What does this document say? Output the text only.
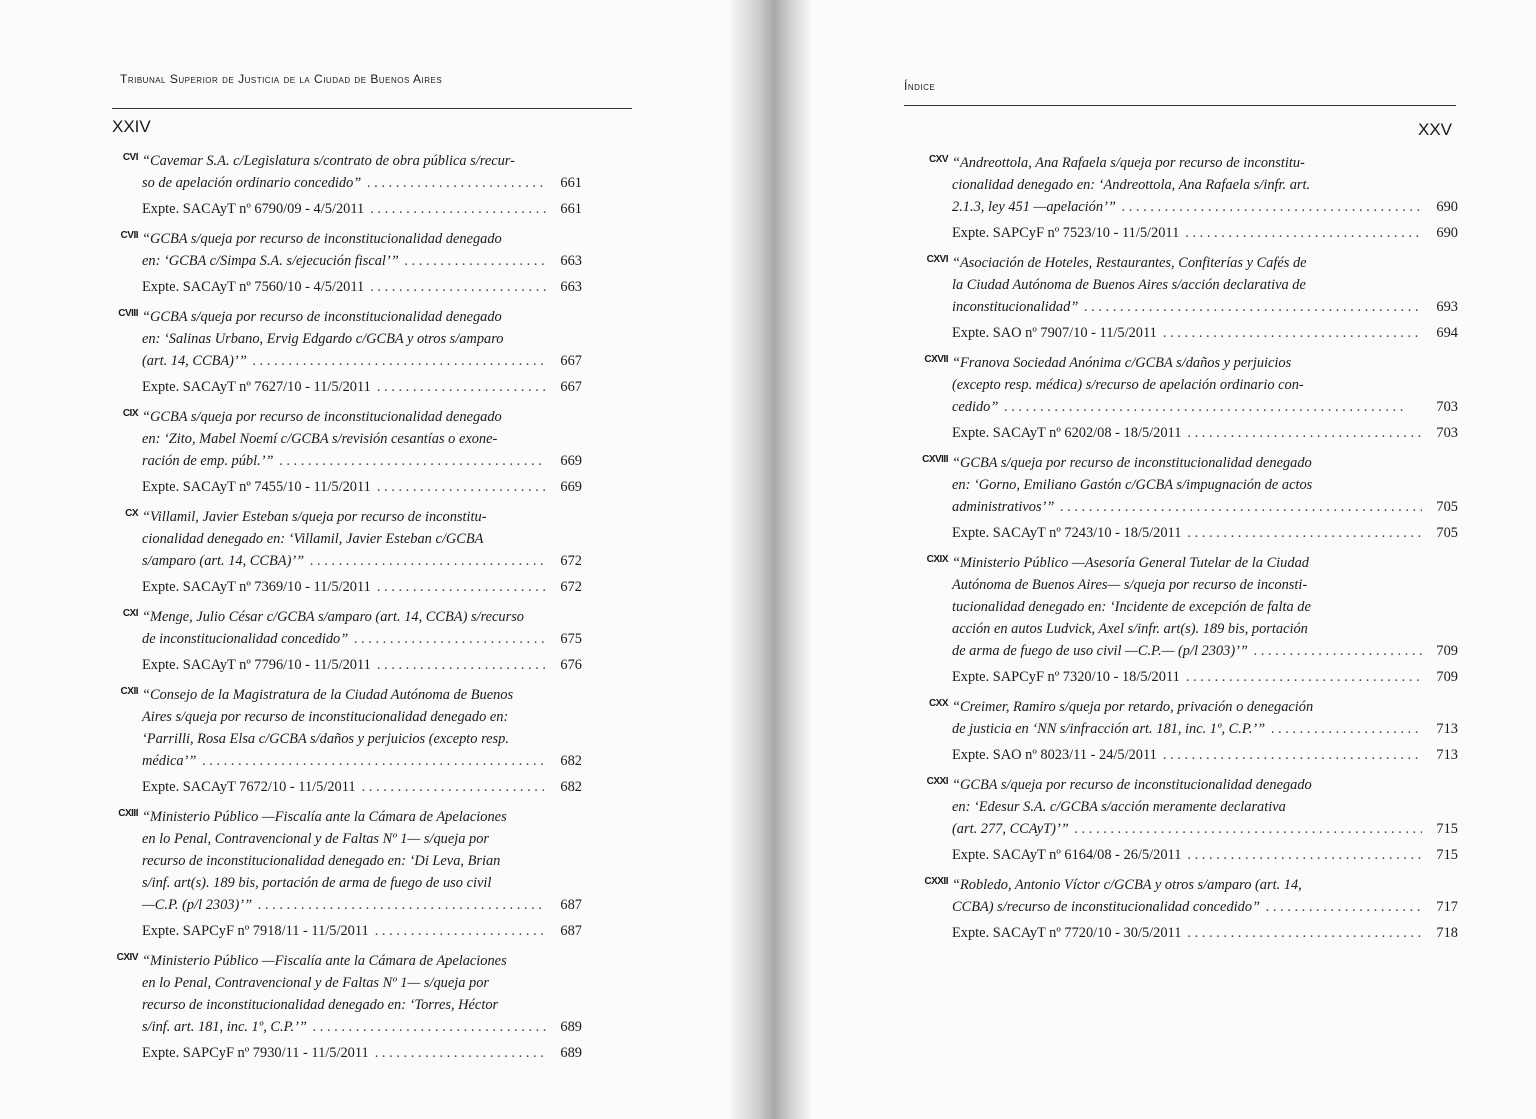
Tribunal Superior de Justicia de la Ciudad de Buenos Aires
XXIV
CVI “Cavemar S.A. c/Legislatura s/contrato de obra pública s/recur-
so de apelación ordinario concedido” . . .	661
Expte. SACAyT nº 6790/09 - 4/5/2011 . . .	661
CVII “GCBA s/queja por recurso de inconstitucionalidad denegado
en: ‘GCBA c/Simpa S.A. s/ejecución fiscal’” . . .	663
Expte. SACAyT nº 7560/10 - 4/5/2011 . . .	663
CVIII “GCBA s/queja por recurso de inconstitucionalidad denegado
en: ‘Salinas Urbano, Ervig Edgardo c/GCBA y otros s/amparo
(art. 14, CCBA)’” . . .	667
Expte. SACAyT nº 7627/10 - 11/5/2011 . . .	667
CIX “GCBA s/queja por recurso de inconstitucionalidad denegado
en: ‘Zito, Mabel Noemí c/GCBA s/revisión cesantías o exone-
ración de emp. públ.’” . . .	669
Expte. SACAyT nº 7455/10 - 11/5/2011 . . .	669
CX “Villamil, Javier Esteban s/queja por recurso de inconstitu-
cionalidad denegado en: ‘Villamil, Javier Esteban c/GCBA
s/amparo (art. 14, CCBA)’” . . .	672
Expte. SACAyT nº 7369/10 - 11/5/2011 . . .	672
CXI “Menge, Julio César c/GCBA s/amparo (art. 14, CCBA) s/recurso
de inconstitucionalidad concedido” . . .	675
Expte. SACAyT nº 7796/10 - 11/5/2011 . . .	676
CXII “Consejo de la Magistratura de la Ciudad Autónoma de Buenos
Aires s/queja por recurso de inconstitucionalidad denegado en:
‘Parrilli, Rosa Elsa c/GCBA s/daños y perjuicios (excepto resp.
médica’” . . .	682
Expte. SACAyT 7672/10 - 11/5/2011 . . .	682
CXIII “Ministerio Público —Fiscalía ante la Cámara de Apelaciones
en lo Penal, Contravencional y de Faltas Nº 1— s/queja por
recurso de inconstitucionalidad denegado en: ‘Di Leva, Brian
s/inf. art(s). 189 bis, portación de arma de fuego de uso civil
—C.P. (p/l 2303)’” . . .	687
Expte. SAPCyF nº 7918/11 - 11/5/2011 . . .	687
CXIV “Ministerio Público —Fiscalía ante la Cámara de Apelaciones
en lo Penal, Contravencional y de Faltas Nº 1— s/queja por
recurso de inconstitucionalidad denegado en: ‘Torres, Héctor
s/inf. art. 181, inc. 1º, C.P.’” . . .	689
Expte. SAPCyF nº 7930/11 - 11/5/2011 . . .	689
Índice
XXV
CXV “Andreottola, Ana Rafaela s/queja por recurso de inconstitu-
cionalidad denegado en: ‘Andreottola, Ana Rafaela s/infr. art.
2.1.3, ley 451 —apelación’” . . .	690
Expte. SAPCyF nº 7523/10 - 11/5/2011 . . .	690
CXVI “Asociación de Hoteles, Restaurantes, Confiterías y Cafés de
la Ciudad Autónoma de Buenos Aires s/acción declarativa de
inconstitucionalidad” . . .	693
Expte. SAO nº 7907/10 - 11/5/2011 . . .	694
CXVII “Franova Sociedad Anónima c/GCBA s/daños y perjuicios
(excepto resp. médica) s/recurso de apelación ordinario con-
cedido” . . .	703
Expte. SACAyT nº 6202/08 - 18/5/2011 . . .	703
CXVIII “GCBA s/queja por recurso de inconstitucionalidad denegado
en: ‘Gorno, Emiliano Gastón c/GCBA s/impugnación de actos
administrativos’” . . .	705
Expte. SACAyT nº 7243/10 - 18/5/2011 . . .	705
CXIX “Ministerio Público —Asesoría General Tutelar de la Ciudad
Autónoma de Buenos Aires— s/queja por recurso de inconsti-
tucionalidad denegado en: ‘Incidente de excepción de falta de
acción en autos Ludvick, Axel s/infr. art(s). 189 bis, portación
de arma de fuego de uso civil —C.P.— (p/l 2303)’” . . .	709
Expte. SAPCyF nº 7320/10 - 18/5/2011 . . .	709
CXX “Creimer, Ramiro s/queja por retardo, privación o denegación
de justicia en ‘NN s/infracción art. 181, inc. 1º, C.P.’” . . .	713
Expte. SAO nº 8023/11 - 24/5/2011 . . .	713
CXXI “GCBA s/queja por recurso de inconstitucionalidad denegado
en: ‘Edesur S.A. c/GCBA s/acción meramente declarativa
(art. 277, CCAyT)’” . . .	715
Expte. SACAyT nº 6164/08 - 26/5/2011 . . .	715
CXXII “Robledo, Antonio Víctor c/GCBA y otros s/amparo (art. 14,
CCBA) s/recurso de inconstitucionalidad concedido” . . .	717
Expte. SACAyT nº 7720/10 - 30/5/2011 . . .	718
